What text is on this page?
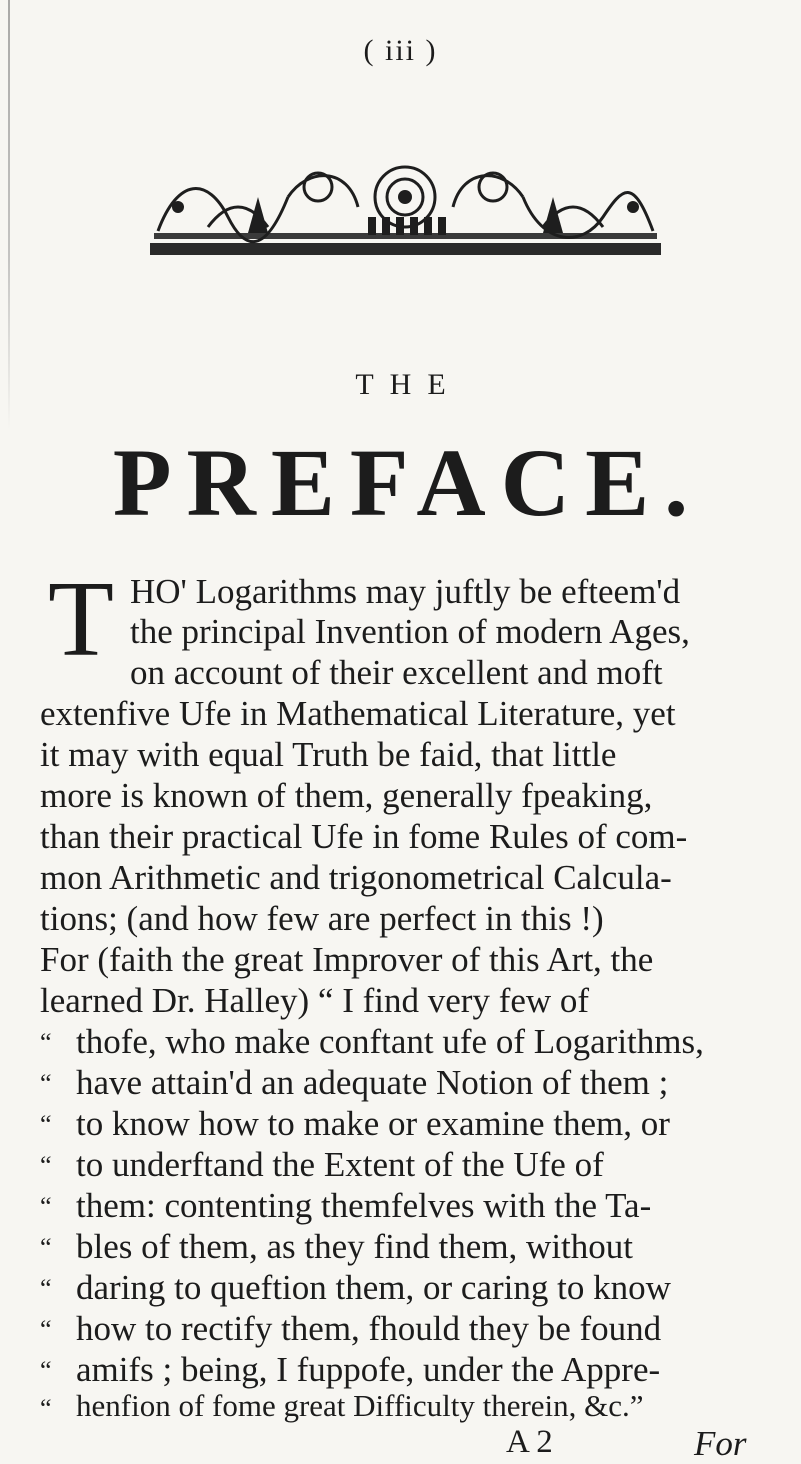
( iii )
THE
PREFACE.
T HO' Logarithms may juftly be efteem'd
the principal Invention of modern Ages,
on account of their excellent and moft
extenfive Ufe in Mathematical Literature, yet
it may with equal Truth be faid, that little
more is known of them, generally fpeaking,
than their practical Ufe in fome Rules of com-
mon Arithmetic and trigonometrical Calcula-
tions; (and how few are perfect in this !)
For (faith the great Improver of this Art, the
learned Dr. Halley) “ I find very few of
“ thofe, who make conftant ufe of Logarithms,
“ have attain'd an adequate Notion of them ;
“ to know how to make or examine them, or
“ to underftand the Extent of the Ufe of
“ them: contenting themfelves with the Ta-
“ bles of them, as they find them, without
“ daring to queftion them, or caring to know
“ how to rectify them, fhould they be found
“ amifs ; being, I fuppofe, under the Appre-
“ henfion of fome great Difficulty therein, &c.”
A 2	For
